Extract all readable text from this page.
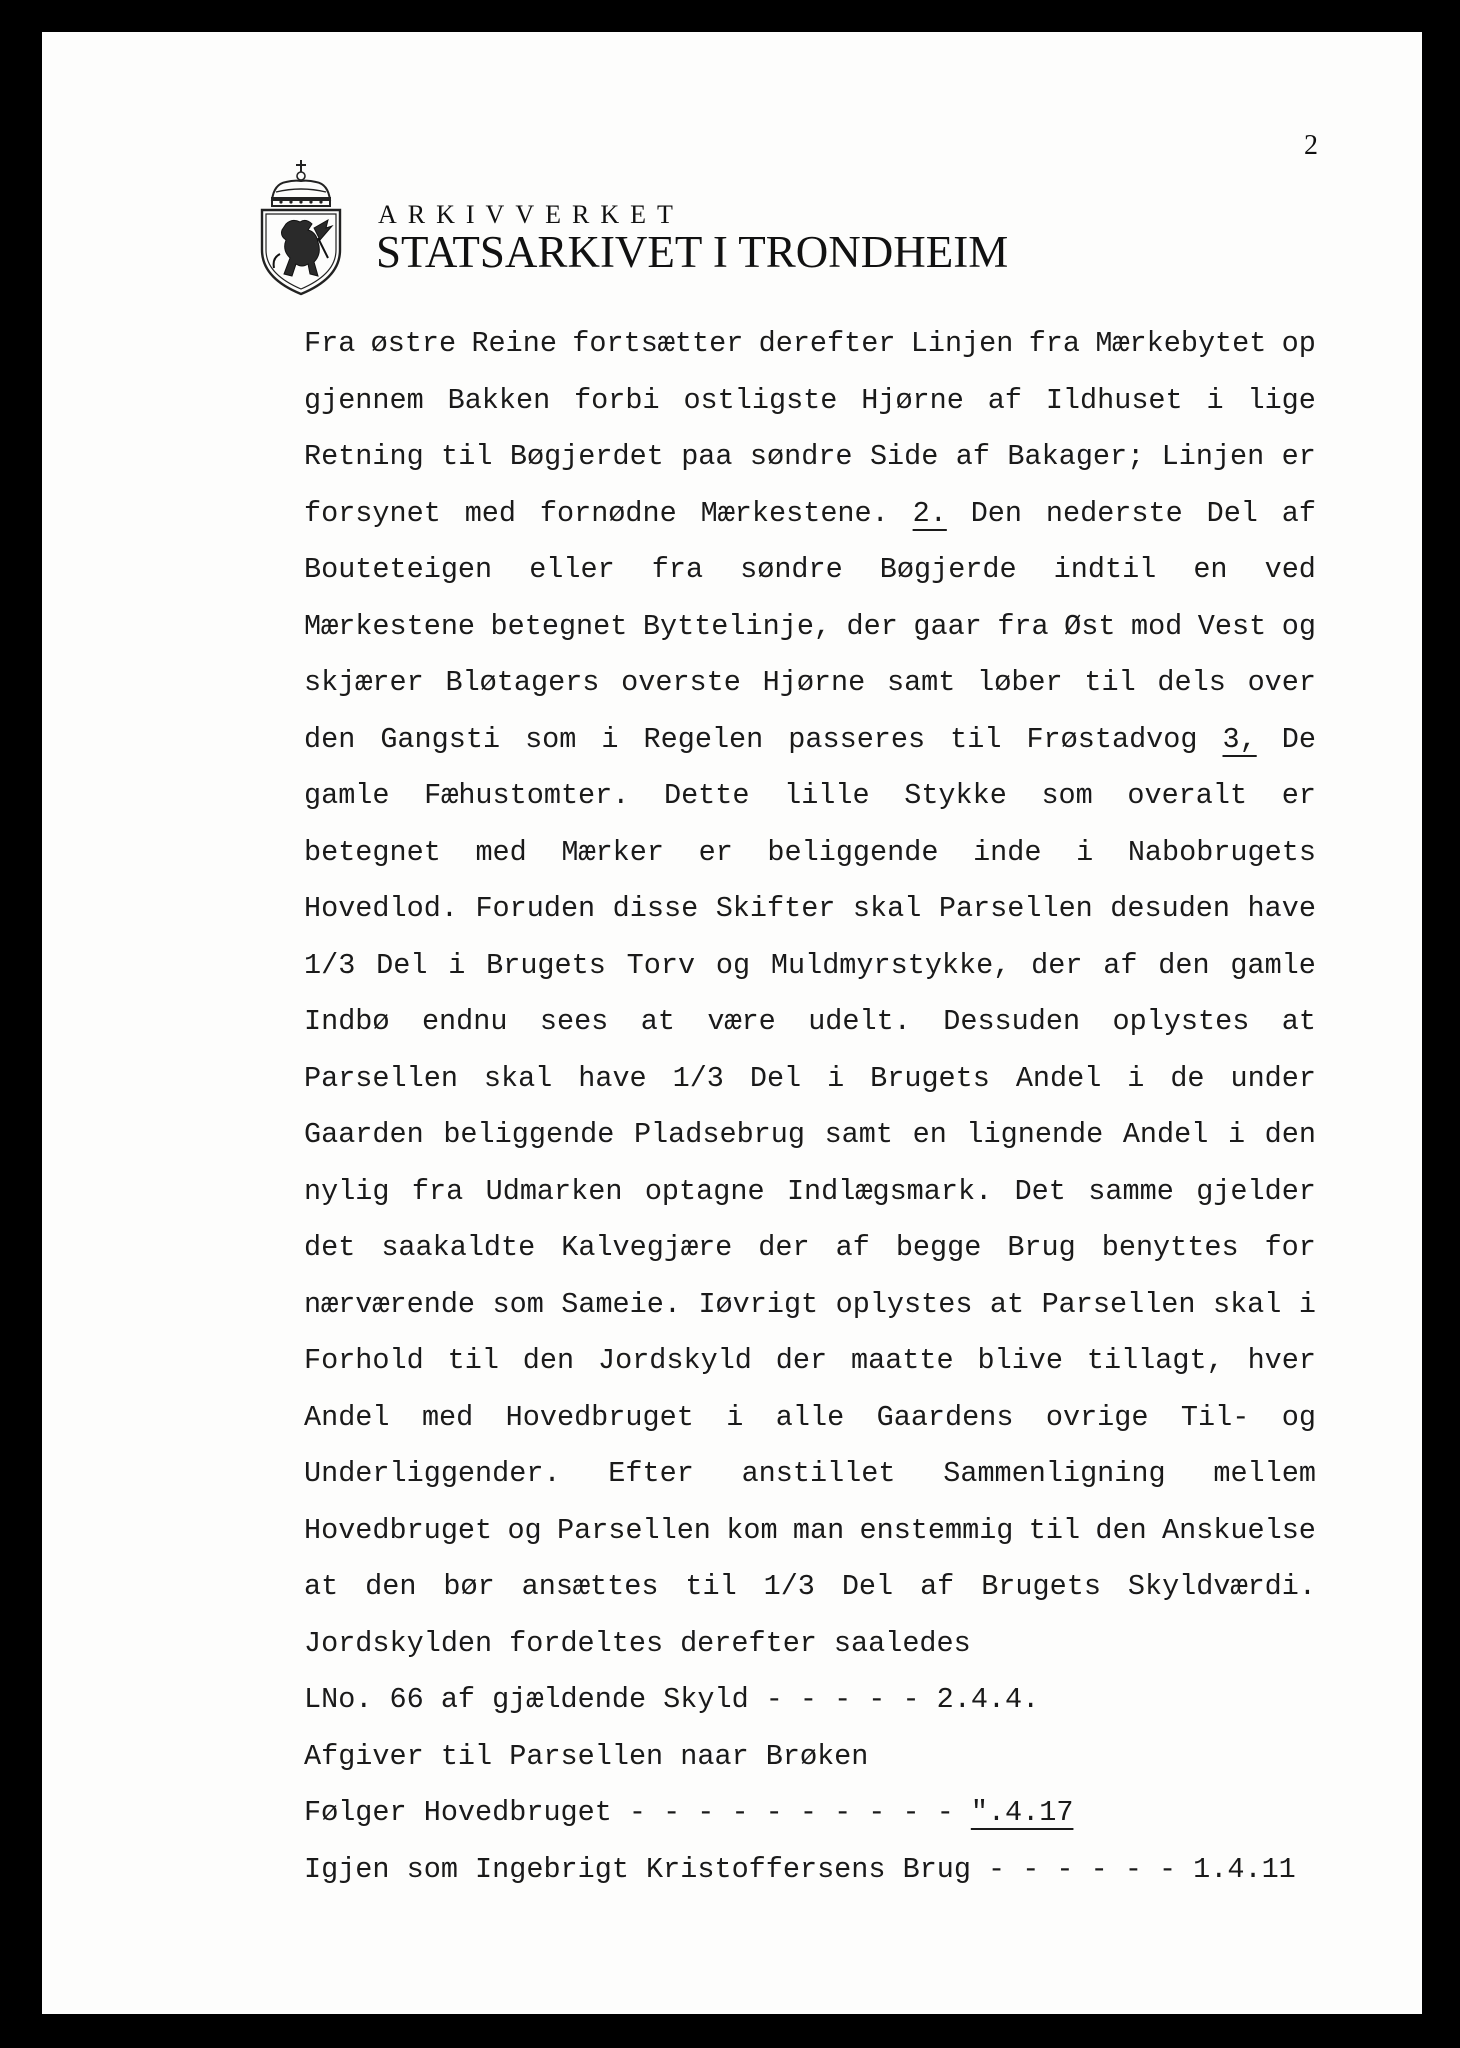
2
ARKIVVERKET
STATSARKIVET I TRONDHEIM
Fra østre Reine fortsætter derefter Linjen fra Mærkebytet op
gjennem Bakken forbi ostligste Hjørne af Ildhuset i lige
Retning til Bøgjerdet paa søndre Side af Bakager; Linjen er
forsynet med fornødne Mærkestene. 2. Den nederste Del af
Bouteteigen eller fra søndre Bøgjerde indtil en ved
Mærkestene betegnet Byttelinje, der gaar fra Øst mod Vest og
skjærer Bløtagers overste Hjørne samt løber til dels over
den Gangsti som i Regelen passeres til Frøstadvog 3, De
gamle Fæhustomter. Dette lille Stykke som overalt er
betegnet med Mærker er beliggende inde i Nabobrugets
Hovedlod. Foruden disse Skifter skal Parsellen desuden have
1/3 Del i Brugets Torv og Muldmyrstykke, der af den gamle
Indbø endnu sees at være udelt. Dessuden oplystes at
Parsellen skal have 1/3 Del i Brugets Andel i de under
Gaarden beliggende Pladsebrug samt en lignende Andel i den
nylig fra Udmarken optagne Indlægsmark. Det samme gjelder
det saakaldte Kalvegjære der af begge Brug benyttes for
nærværende som Sameie. Iøvrigt oplystes at Parsellen skal i
Forhold til den Jordskyld der maatte blive tillagt, hver
Andel med Hovedbruget i alle Gaardens ovrige Til- og
Underliggender. Efter anstillet Sammenligning mellem
Hovedbruget og Parsellen kom man enstemmig til den Anskuelse
at den bør ansættes til 1/3 Del af Brugets Skyldværdi.
Jordskylden fordeltes derefter saaledes
LNo. 66 af gjældende Skyld - - - - - 2.4.4.
Afgiver til Parsellen naar Brøken
Følger Hovedbruget - - - - - - - - - - ".4.17
Igjen som Ingebrigt Kristoffersens Brug - - - - - - 1.4.11
